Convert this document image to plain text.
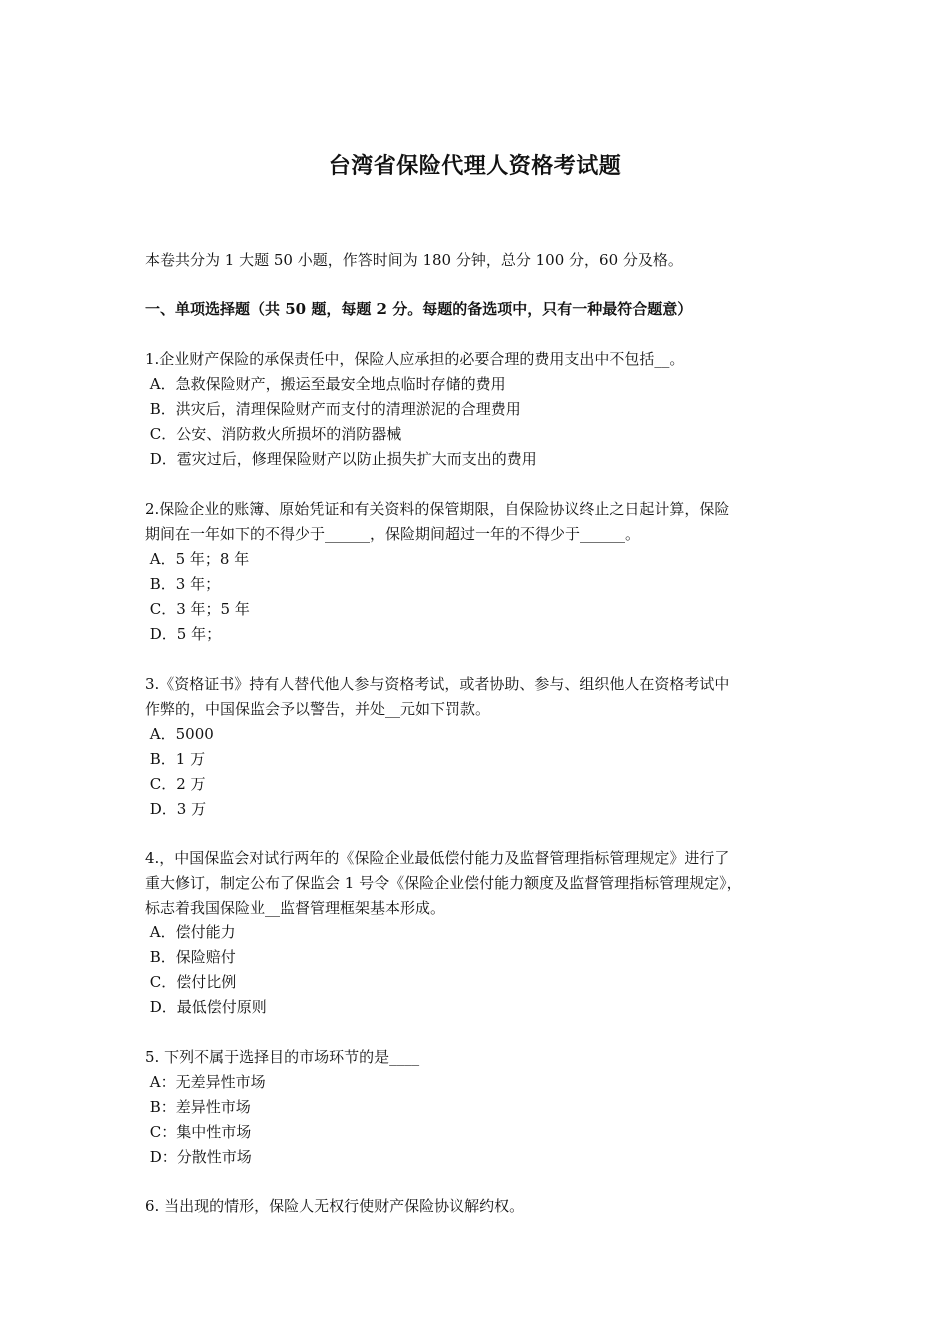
台湾省保险代理人资格考试题
本卷共分为 1 大题 50 小题，作答时间为 180 分钟，总分 100 分，60 分及格。
一、单项选择题（共 50 题，每题 2 分。每题的备选项中，只有一种最符合题意）
1.企业财产保险的承保责任中，保险人应承担的必要合理的费用支出中不包括__。
A．急救保险财产，搬运至最安全地点临时存储的费用
B．洪灾后，清理保险财产而支付的清理淤泥的合理费用
C．公安、消防救火所损坏的消防器械
D．雹灾过后，修理保险财产以防止损失扩大而支出的费用
2.保险企业的账簿、原始凭证和有关资料的保管期限，自保险协议终止之日起计算，保险
期间在一年如下的不得少于______，保险期间超过一年的不得少于______。
A．5 年；8 年
B．3 年；
C．3 年；5 年
D．5 年；
3.《资格证书》持有人替代他人参与资格考试，或者协助、参与、组织他人在资格考试中
作弊的，中国保监会予以警告，并处__元如下罚款。
A．5000
B．1 万
C．2 万
D．3 万
4.，中国保监会对试行两年的《保险企业最低偿付能力及监督管理指标管理规定》进行了
重大修订，制定公布了保监会 1 号令《保险企业偿付能力额度及监督管理指标管理规定》，
标志着我国保险业__监督管理框架基本形成。
A．偿付能力
B．保险赔付
C．偿付比例
D．最低偿付原则
5. 下列不属于选择目的市场环节的是____
A：无差异性市场
B：差异性市场
C：集中性市场
D：分散性市场
6. 当出现的情形，保险人无权行使财产保险协议解约权。
